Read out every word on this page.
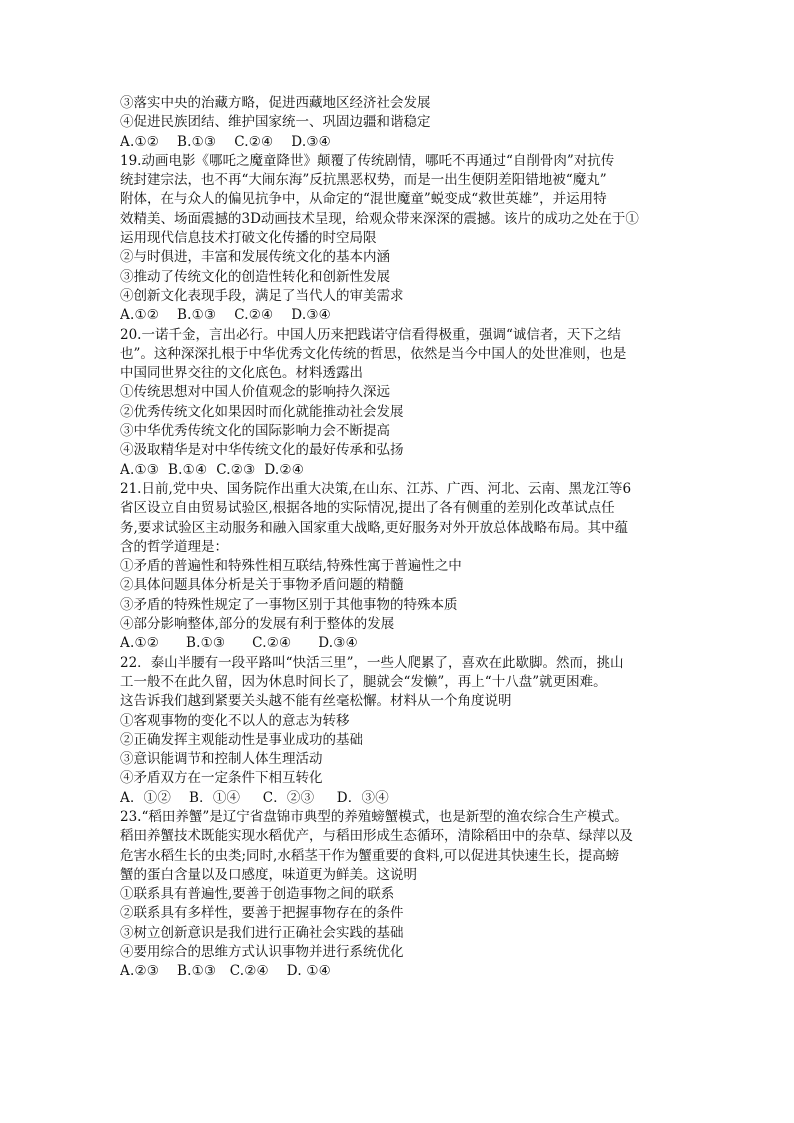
③落实中央的治藏方略，促进西藏地区经济社会发展
④促进民族团结、维护国家统一、巩固边疆和谐稳定
A.①②    B.①③    C.②④    D.③④
19.动画电影《哪吒之魔童降世》颠覆了传统剧情，哪吒不再通过“自削骨肉”对抗传
统封建宗法，也不再“大闹东海”反抗黑恶权势，而是一出生便阴差阳错地被“魔丸”
附体，在与众人的偏见抗争中，从命定的“混世魔童”蜕变成“救世英雄”，并运用特
效精美、场面震撼的3D动画技术呈现，给观众带来深深的震撼。该片的成功之处在于①
运用现代信息技术打破文化传播的时空局限
②与时俱进，丰富和发展传统文化的基本内涵
③推动了传统文化的创造性转化和创新性发展
④创新文化表现手段，满足了当代人的审美需求
A.①②    B.①③    C.②④    D.③④
20.一诺千金，言出必行。中国人历来把践诺守信看得极重，强调“诚信者，天下之结
也”。这种深深扎根于中华优秀文化传统的哲思，依然是当今中国人的处世准则，也是
中国同世界交往的文化底色。材料透露出
①传统思想对中国人价值观念的影响持久深远
②优秀传统文化如果因时而化就能推动社会发展
③中华优秀传统文化的国际影响力会不断提高
④汲取精华是对中华传统文化的最好传承和弘扬
A.①③  B.①④  C.②③  D.②④
21.日前,党中央、国务院作出重大决策,在山东、江苏、广西、河北、云南、黑龙江等6
省区设立自由贸易试验区,根据各地的实际情况,提出了各有侧重的差别化改革试点任
务,要求试验区主动服务和融入国家重大战略,更好服务对外开放总体战略布局。其中蕴
含的哲学道理是：
①矛盾的普遍性和特殊性相互联结,特殊性寓于普遍性之中
②具体问题具体分析是关于事物矛盾问题的精髓
③矛盾的特殊性规定了一事物区别于其他事物的特殊本质
④部分影响整体,部分的发展有利于整体的发展
A.①②      B.①③      C.②④      D.③④
22．泰山半腰有一段平路叫“快活三里”，一些人爬累了，喜欢在此歇脚。然而，挑山
工一般不在此久留，因为休息时间长了，腿就会“发懒”，再上“十八盘”就更困难。
这告诉我们越到紧要关头越不能有丝毫松懈。材料从一个角度说明
①客观事物的变化不以人的意志为转移
②正确发挥主观能动性是事业成功的基础
③意识能调节和控制人体生理活动
④矛盾双方在一定条件下相互转化
A．①②    B．①④     C．②③     D．③④
23.“稻田养蟹”是辽宁省盘锦市典型的养殖螃蟹模式，也是新型的渔农综合生产模式。
稻田养蟹技术既能实现水稻优产，与稻田形成生态循环，清除稻田中的杂草、绿萍以及
危害水稻生长的虫类;同时,水稻茎干作为蟹重要的食料,可以促进其快速生长，提高螃
蟹的蛋白含量以及口感度，味道更为鲜美。这说明
①联系具有普遍性,要善于创造事物之间的联系
②联系具有多样性，要善于把握事物存在的条件
③树立创新意识是我们进行正确社会实践的基础
④要用综合的思维方式认识事物并进行系统优化
A.②③    B.①③   C.②④    D. ①④
